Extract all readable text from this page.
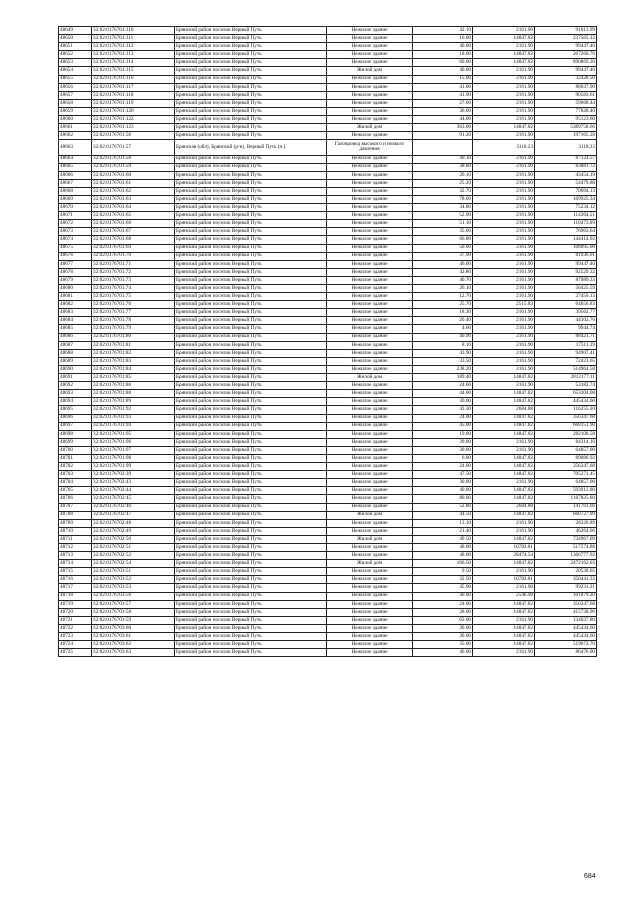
48649	32:02:0176701:110	Брянский район поселок Верный Путь	Нежилое здание	42.10	2161.90	91013.99
48650	32:02:0176701:111	Брянский район поселок Верный Путь	Нежилое здание	16.00	14847.82	237565.12
48651	32:02:0176701:112	Брянский район поселок Верный Путь	Нежилое здание	46.00	2161.90	99447.40
48652	32:02:0176701:113	Брянский район поселок Верный Путь	Нежилое здание	18.00	14847.82	267260.76
48653	32:02:0176701:114	Брянский район поселок Верный Путь	Нежилое здание	60.00	14847.82	890869.20
48654	32:02:0176701:115	Брянский район поселок Верный Путь	Жилой дом	46.00	2161.90	99447.40
48655	32:02:0176701:116	Брянский район поселок Верный Путь	Нежилое здание	15.00	2161.90	32428.50
48656	32:02:0176701:117	Брянский район поселок Верный Путь	Нежилое здание	41.00	2161.90	88637.90
48657	32:02:0176701:118	Брянский район поселок Верный Путь	Нежилое здание	41.90	2161.90	90583.61
48658	32:02:0176701:119	Брянский район поселок Верный Путь	Нежилое здание	27.60	2161.90	59668.44
48659	32:02:0176701:120	Брянский район поселок Верный Путь	Нежилое здание	36.00	2161.90	77828.40
48660	32:02:0176701:122	Брянский район поселок Верный Путь	Нежилое здание	44.00	2161.90	95123.60
48661	32:02:0176701:123	Брянский район поселок Верный Путь	Жилой дом	363.00	14847.82	5389758.66
48662	32:02:0176701:56	Брянский район поселок Верный Путь	Нежилое здание	91.20	2161.90	197165.28
48663	32:02:0176701:57	Брянская (обл), Брянский (р-н), Верный Путь (п.)	Газопровод высокого и низкого давления		3118.23	3118.23
48664	32:02:0176701:58	Брянский район поселок Верный Путь	Нежилое здание	40.30	2161.90	87124.57
48665	32:02:0176701:59	Брянский район поселок Верный Путь	Нежилое здание	38.80	2161.90	83881.72
48666	32:02:0176701:60	Брянский район поселок Верный Путь	Нежилое здание	20.10	2161.90	43454.19
48667	32:02:0176701:61	Брянский район поселок Верный Путь	Нежилое здание	25.20	2161.90	54479.88
48668	32:02:0176701:62	Брянский район поселок Верный Путь	Нежилое здание	32.70	2161.90	70694.13
48669	32:02:0176701:63	Брянский район поселок Верный Путь	Нежилое здание	78.60	2161.90	169925.34
48670	32:02:0176701:64	Брянский район поселок Верный Путь	Нежилое здание	34.80	2161.90	75234.12
48671	32:02:0176701:65	Брянский район поселок Верный Путь	Нежилое здание	52.90	2161.90	114364.51
48672	32:02:0176701:66	Брянский район поселок Верный Путь	Нежилое здание	51.10	2161.90	110473.09
48673	32:02:0176701:67	Брянский район поселок Верный Путь	Нежилое здание	35.60	2161.90	76963.64
48674	32:02:0176701:68	Брянский район поселок Верный Путь	Нежилое здание	66.80	2161.90	144414.92
48675	32:02:0176701:69	Брянский район поселок Верный Путь	Нежилое здание	50.00	2161.90	108095.00
48676	32:02:0176701:70	Брянский район поселок Верный Путь	Нежилое здание	37.90	2161.90	81936.01
48677	32:02:0176701:71	Брянский район поселок Верный Путь	Нежилое здание	46.00	2161.90	99447.40
48678	32:02:0176701:72	Брянский район поселок Верный Путь	Нежилое здание	42.80	2161.90	92529.32
48679	32:02:0176701:73	Брянский район поселок Верный Путь	Нежилое здание	40.70	2161.90	87989.33
48680	32:02:0176701:74	Брянский район поселок Верный Путь	Нежилое здание	26.10	2161.90	56425.59
48681	32:02:0176701:75	Брянский район поселок Верный Путь	Нежилое здание	12.70	2161.90	27456.13
48682	32:02:0176701:76	Брянский район поселок Верный Путь	Нежилое здание	25.70	2515.83	64656.83
48683	32:02:0176701:77	Брянский район поселок Верный Путь	Нежилое здание	18.30	2161.90	39562.77
48684	32:02:0176701:78	Брянский район поселок Верный Путь	Нежилое здание	20.40	2161.90	44102.76
48685	32:02:0176701:79	Брянский район поселок Верный Путь	Нежилое здание	4.60	2161.90	9944.74
48686	32:02:0176701:80	Брянский район поселок Верный Путь	Нежилое здание	40.90	2161.90	88421.71
48687	32:02:0176701:81	Брянский район поселок Верный Путь	Нежилое здание	8.10	2161.90	17511.39
48688	32:02:0176701:82	Брянский район поселок Верный Путь	Нежилое здание	43.90	2161.90	94907.41
48689	32:02:0176701:83	Брянский район поселок Верный Путь	Нежилое здание	33.50	2161.90	72423.65
48690	32:02:0176701:84	Брянский район поселок Верный Путь	Нежилое здание	238.20	2161.90	514964.58
48691	32:02:0176701:85	Брянский район поселок Верный Путь	Жилой дом	189.40	14847.82	2812177.11
48692	32:02:0176701:86	Брянский район поселок Верный Путь	Нежилое здание	24.60	2161.90	53182.74
48693	32:02:0176701:88	Брянский район поселок Верный Путь	Нежилое здание	44.00	14847.82	653304.08
48694	32:02:0176701:89	Брянский район поселок Верный Путь	Нежилое здание	30.00	14847.82	445434.60
48695	32:02:0176701:92	Брянский район поселок Верный Путь	Нежилое здание	43.30	2684.88	116255.30
48696	32:02:0176701:93	Брянский район поселок Верный Путь	Нежилое здание	24.00	14847.82	356347.68
48697	32:02:0176701:94	Брянский район поселок Верный Путь	Нежилое здание	45.00	14847.82	668151.90
48698	32:02:0176701:95	Брянский район поселок Верный Путь	Нежилое здание	19.00	14847.82	282108.58
48699	32:02:0176701:96	Брянский район поселок Верный Путь	Нежилое здание	39.00	2161.90	84314.10
48700	32:02:0176701:97	Брянский район поселок Верный Путь	Нежилое здание	30.00	2161.90	64857.00
48701	32:02:0176701:98	Брянский район поселок Верный Путь	Нежилое здание	6.00	14847.82	89086.92
48702	32:02:0176701:99	Брянский район поселок Верный Путь	Нежилое здание	24.00	14847.82	356347.68
48703	32:02:0176702:39	Брянский район поселок Верный Путь	Нежилое здание	47.50	14847.82	705271.45
48704	32:02:0176702:43	Брянский район поселок Верный Путь	Нежилое здание	30.00	2161.90	64857.00
48705	32:02:0176702:44	Брянский район поселок Верный Путь	Нежилое здание	40.00	14847.82	593912.80
48706	32:02:0176702:45	Брянский район поселок Верный Путь	Нежилое здание	80.00	14847.82	1187825.60
48707	32:02:0176702:46	Брянский район поселок Верный Путь	Нежилое здание	52.80	2684.88	141761.66
48708	32:02:0176702:47	Брянский район поселок Верный Путь	Жилой дом	44.50	14847.82	660727.99
48709	32:02:0176702:48	Брянский район поселок Верный Путь	Нежилое здание	13.10	2161.90	28320.89
48710	32:02:0176702:49	Брянский район поселок Верный Путь	Нежилое здание	21.40	2161.90	46264.66
48711	32:02:0176702:50	Брянский район поселок Верный Путь	Жилой дом	49.50	14847.82	734967.09
48712	32:02:0176702:51	Брянский район поселок Верный Путь	Нежилое здание	48.00	10782.81	517574.88
48713	32:02:0176702:52	Брянский район поселок Верный Путь	Нежилое здание	48.00	28474.54	1366777.92
48714	32:02:0176702:54	Брянский район поселок Верный Путь	Жилой дом	166.50	14847.82	2472162.03
48715	32:02:0176703:51	Брянский район поселок Верный Путь	Нежилое здание	9.50	2161.90	20538.05
48716	32:02:0176703:52	Брянский район поселок Верный Путь	Нежилое здание	32.50	10782.81	350441.33
48717	32:02:0176703:53	Брянский район поселок Верный Путь	Нежилое здание	45.90	2161.90	99231.21
48718	32:02:0176703:56	Брянский район поселок Верный Путь	Нежилое здание	40.00	2546.98	101879.20
48719	32:02:0176703:57	Брянский район поселок Верный Путь	Нежилое здание	24.00	14847.82	356347.68
48720	32:02:0176703:58	Брянский район поселок Верный Путь	Нежилое здание	28.00	14847.82	415738.96
48721	32:02:0176703:59	Брянский район поселок Верный Путь	Нежилое здание	62.00	2161.90	134037.80
48722	32:02:0176703:60	Брянский район поселок Верный Путь	Нежилое здание	30.00	14847.82	445434.60
48723	32:02:0176703:61	Брянский район поселок Верный Путь	Нежилое здание	30.00	14847.82	445434.60
48724	32:02:0176703:62	Брянский район поселок Верный Путь	Нежилое здание	35.00	14847.82	519673.70
48725	32:02:0176703:63	Брянский район поселок Верный Путь	Нежилое здание	40.00	2161.90	86476.00
684
